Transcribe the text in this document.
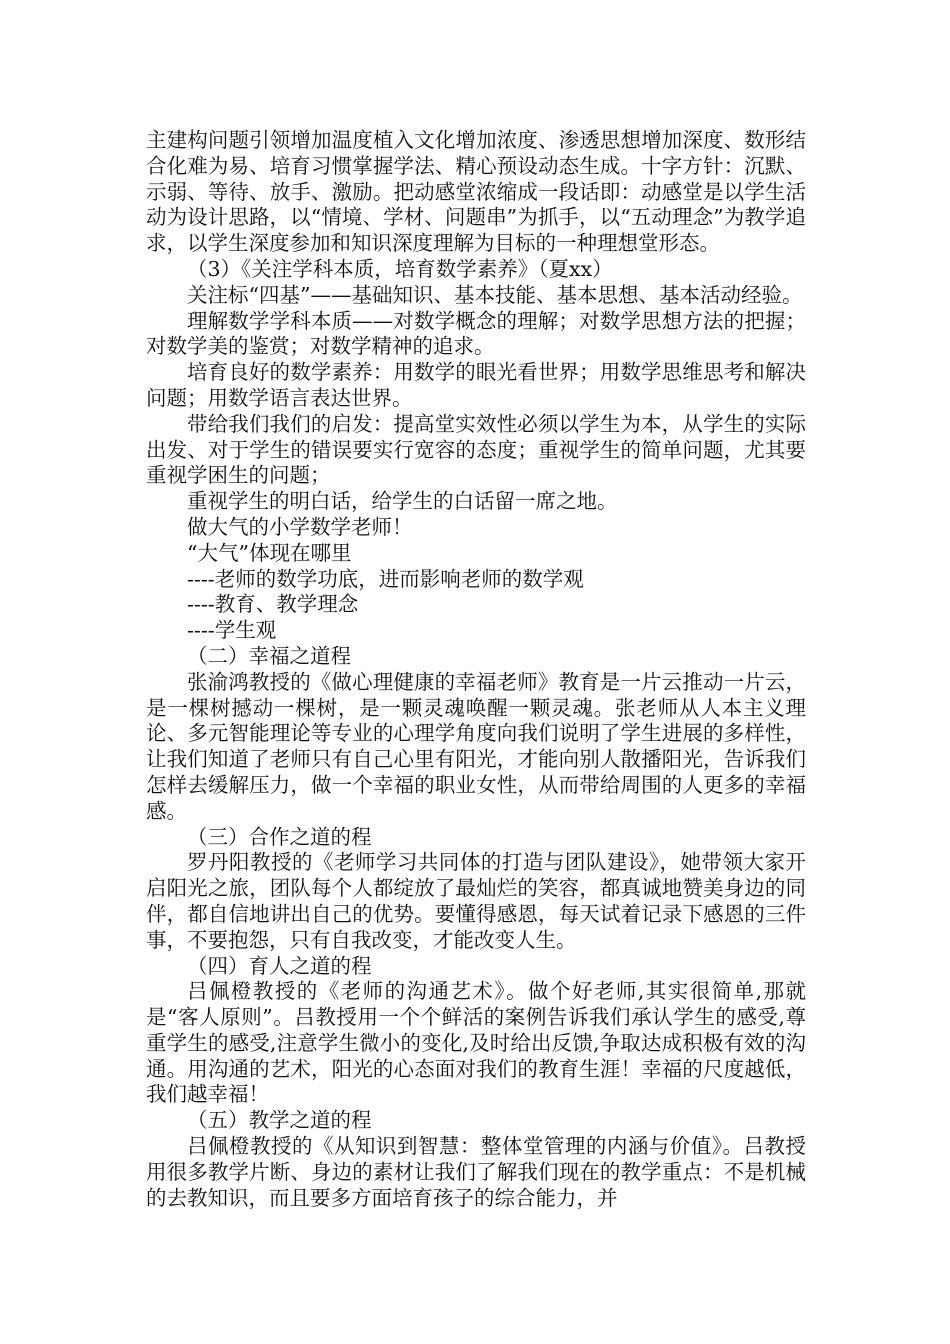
主建构问题引领增加温度植入文化增加浓度、渗透思想增加深度、数形结合化难为易、培育习惯掌握学法、精心预设动态生成。十字方针：沉默、示弱、等待、放手、激励。把动感堂浓缩成一段话即：动感堂是以学生活动为设计思路，以“情境、学材、问题串”为抓手，以“五动理念”为教学追求，以学生深度参加和知识深度理解为目标的一种理想堂形态。

（3）《关注学科本质，培育数学素养》（夏xx）

关注标“四基”——基础知识、基本技能、基本思想、基本活动经验。

理解数学学科本质——对数学概念的理解；对数学思想方法的把握；对数学美的鉴赏；对数学精神的追求。

培育良好的数学素养：用数学的眼光看世界；用数学思维思考和解决问题；用数学语言表达世界。

带给我们我们的启发：提高堂实效性必须以学生为本，从学生的实际出发、对于学生的错误要实行宽容的态度；重视学生的简单问题，尤其要重视学困生的问题；

重视学生的明白话，给学生的白话留一席之地。

做大气的小学数学老师！

“大气”体现在哪里

----老师的数学功底，进而影响老师的数学观

----教育、教学理念

----学生观

（二）幸福之道程

张渝鸿教授的《做心理健康的幸福老师》教育是一片云推动一片云，是一棵树撼动一棵树，是一颗灵魂唤醒一颗灵魂。张老师从人本主义理论、多元智能理论等专业的心理学角度向我们说明了学生进展的多样性，让我们知道了老师只有自己心里有阳光，才能向别人散播阳光，告诉我们怎样去缓解压力，做一个幸福的职业女性，从而带给周围的人更多的幸福感。

（三）合作之道的程

罗丹阳教授的《老师学习共同体的打造与团队建设》，她带领大家开启阳光之旅，团队每个人都绽放了最灿烂的笑容，都真诚地赞美身边的同伴，都自信地讲出自己的优势。要懂得感恩，每天试着记录下感恩的三件事，不要抱怨，只有自我改变，才能改变人生。

（四）育人之道的程

吕佩橙教授的《老师的沟通艺术》。做个好老师,其实很简单,那就是“客人原则”。吕教授用一个个鲜活的案例告诉我们承认学生的感受,尊重学生的感受,注意学生微小的变化,及时给出反馈,争取达成积极有效的沟通。用沟通的艺术，阳光的心态面对我们的教育生涯！幸福的尺度越低，我们越幸福！

（五）教学之道的程

吕佩橙教授的《从知识到智慧：整体堂管理的内涵与价值》。吕教授用很多教学片断、身边的素材让我们了解我们现在的教学重点：不是机械的去教知识，而且要多方面培育孩子的综合能力，并
